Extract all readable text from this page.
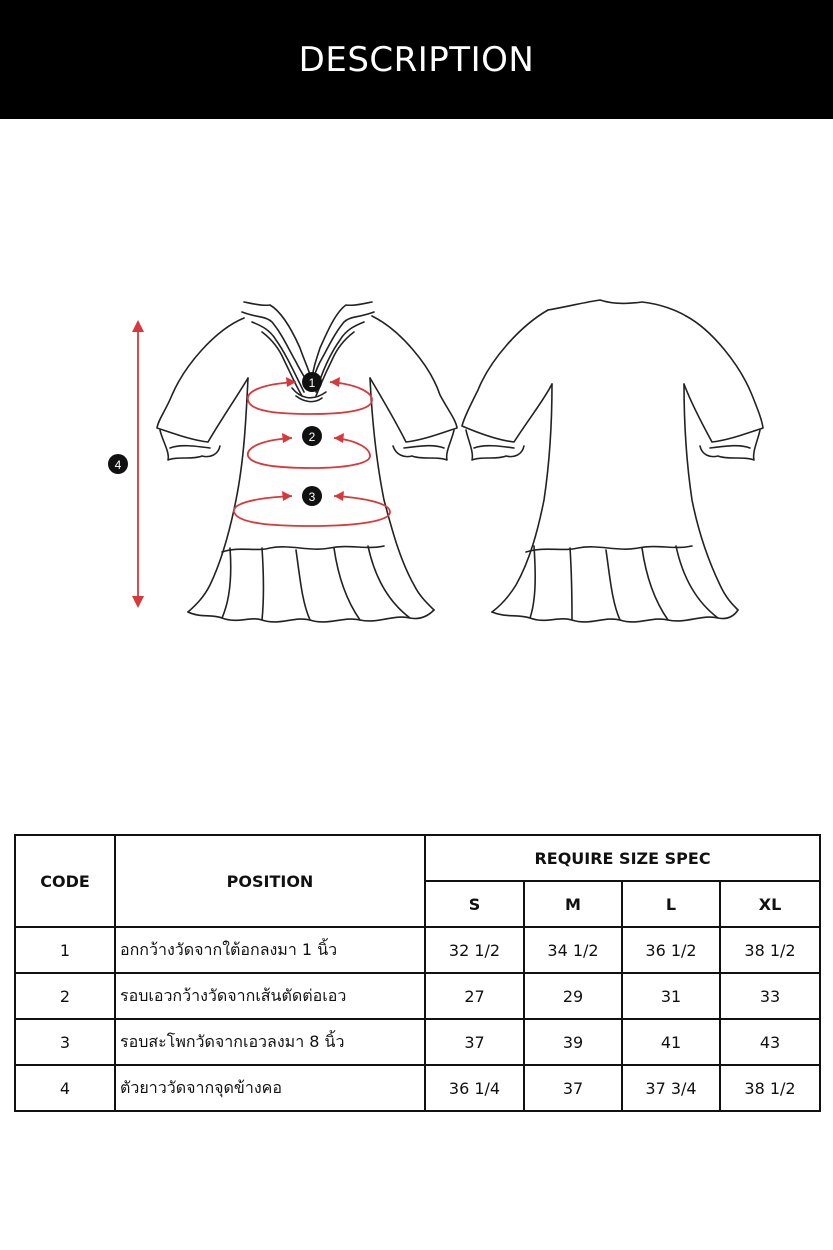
DESCRIPTION
1
2
3
4
CODE	POSITION	REQUIRE SIZE SPEC			
		S	M	L	XL
1	อกกว้างวัดจากใต้อกลงมา 1 นิ้ว	32 1/2	34 1/2	36 1/2	38 1/2
2	รอบเอวกว้างวัดจากเส้นตัดต่อเอว	27	29	31	33
3	รอบสะโพกวัดจากเอวลงมา 8 นิ้ว	37	39	41	43
4	ตัวยาววัดจากจุดข้างคอ	36 1/4	37	37 3/4	38 1/2
